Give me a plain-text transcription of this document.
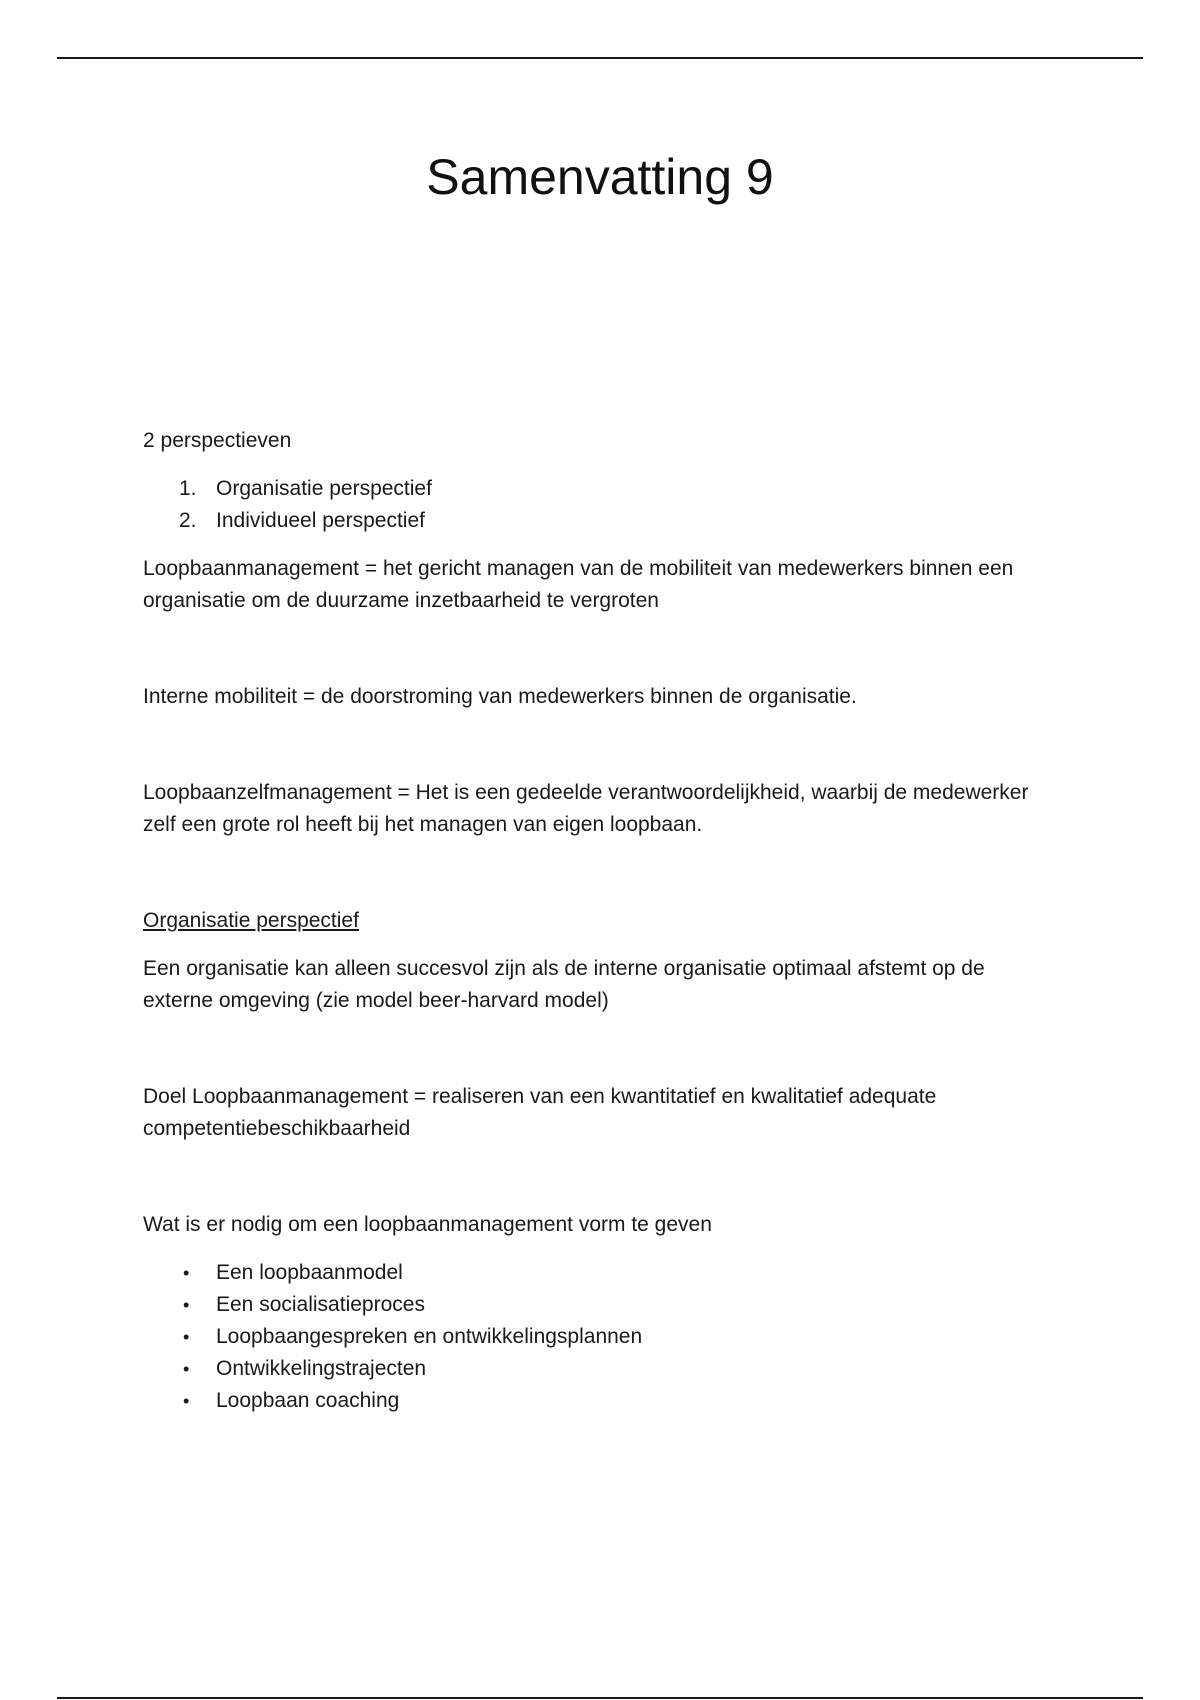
Samenvatting 9

2 perspectieven

1. Organisatie perspectief
2. Individueel perspectief

Loopbaanmanagement = het gericht managen van de mobiliteit van medewerkers binnen een organisatie om de duurzame inzetbaarheid te vergroten

Interne mobiliteit = de doorstroming van medewerkers binnen de organisatie.

Loopbaanzelfmanagement = Het is een gedeelde verantwoordelijkheid, waarbij de medewerker zelf een grote rol heeft bij het managen van eigen loopbaan.

Organisatie perspectief

Een organisatie kan alleen succesvol zijn als de interne organisatie optimaal afstemt op de externe omgeving (zie model beer-harvard model)

Doel Loopbaanmanagement = realiseren van een kwantitatief en kwalitatief adequate competentiebeschikbaarheid

Wat is er nodig om een loopbaanmanagement vorm te geven

• Een loopbaanmodel
• Een socialisatieproces
• Loopbaangespreken en ontwikkelingsplannen
• Ontwikkelingstrajecten
• Loopbaan coaching
